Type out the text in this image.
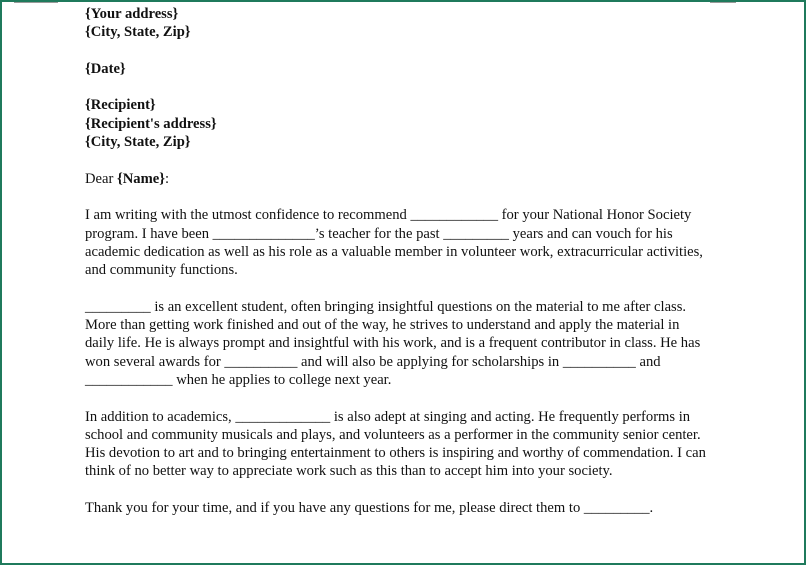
{Your address}

{City, State, Zip}

{Date}

{Recipient}

{Recipient's address}

{City, State, Zip}

Dear {Name}:

I am writing with the utmost confidence to recommend ____________ for your National Honor Society program. I have been ______________’s teacher for the past _________ years and can vouch for his academic dedication as well as his role as a valuable member in volunteer work, extracurricular activities, and community functions.

_________ is an excellent student, often bringing insightful questions on the material to me after class. More than getting work finished and out of the way, he strives to understand and apply the material in daily life. He is always prompt and insightful with his work, and is a frequent contributor in class. He has won several awards for __________ and will also be applying for scholarships in __________ and ____________ when he applies to college next year.

In addition to academics, _____________ is also adept at singing and acting. He frequently performs in school and community musicals and plays, and volunteers as a performer in the community senior center. His devotion to art and to bringing entertainment to others is inspiring and worthy of commendation. I can think of no better way to appreciate work such as this than to accept him into your society.

Thank you for your time, and if you have any questions for me, please direct them to _________.
